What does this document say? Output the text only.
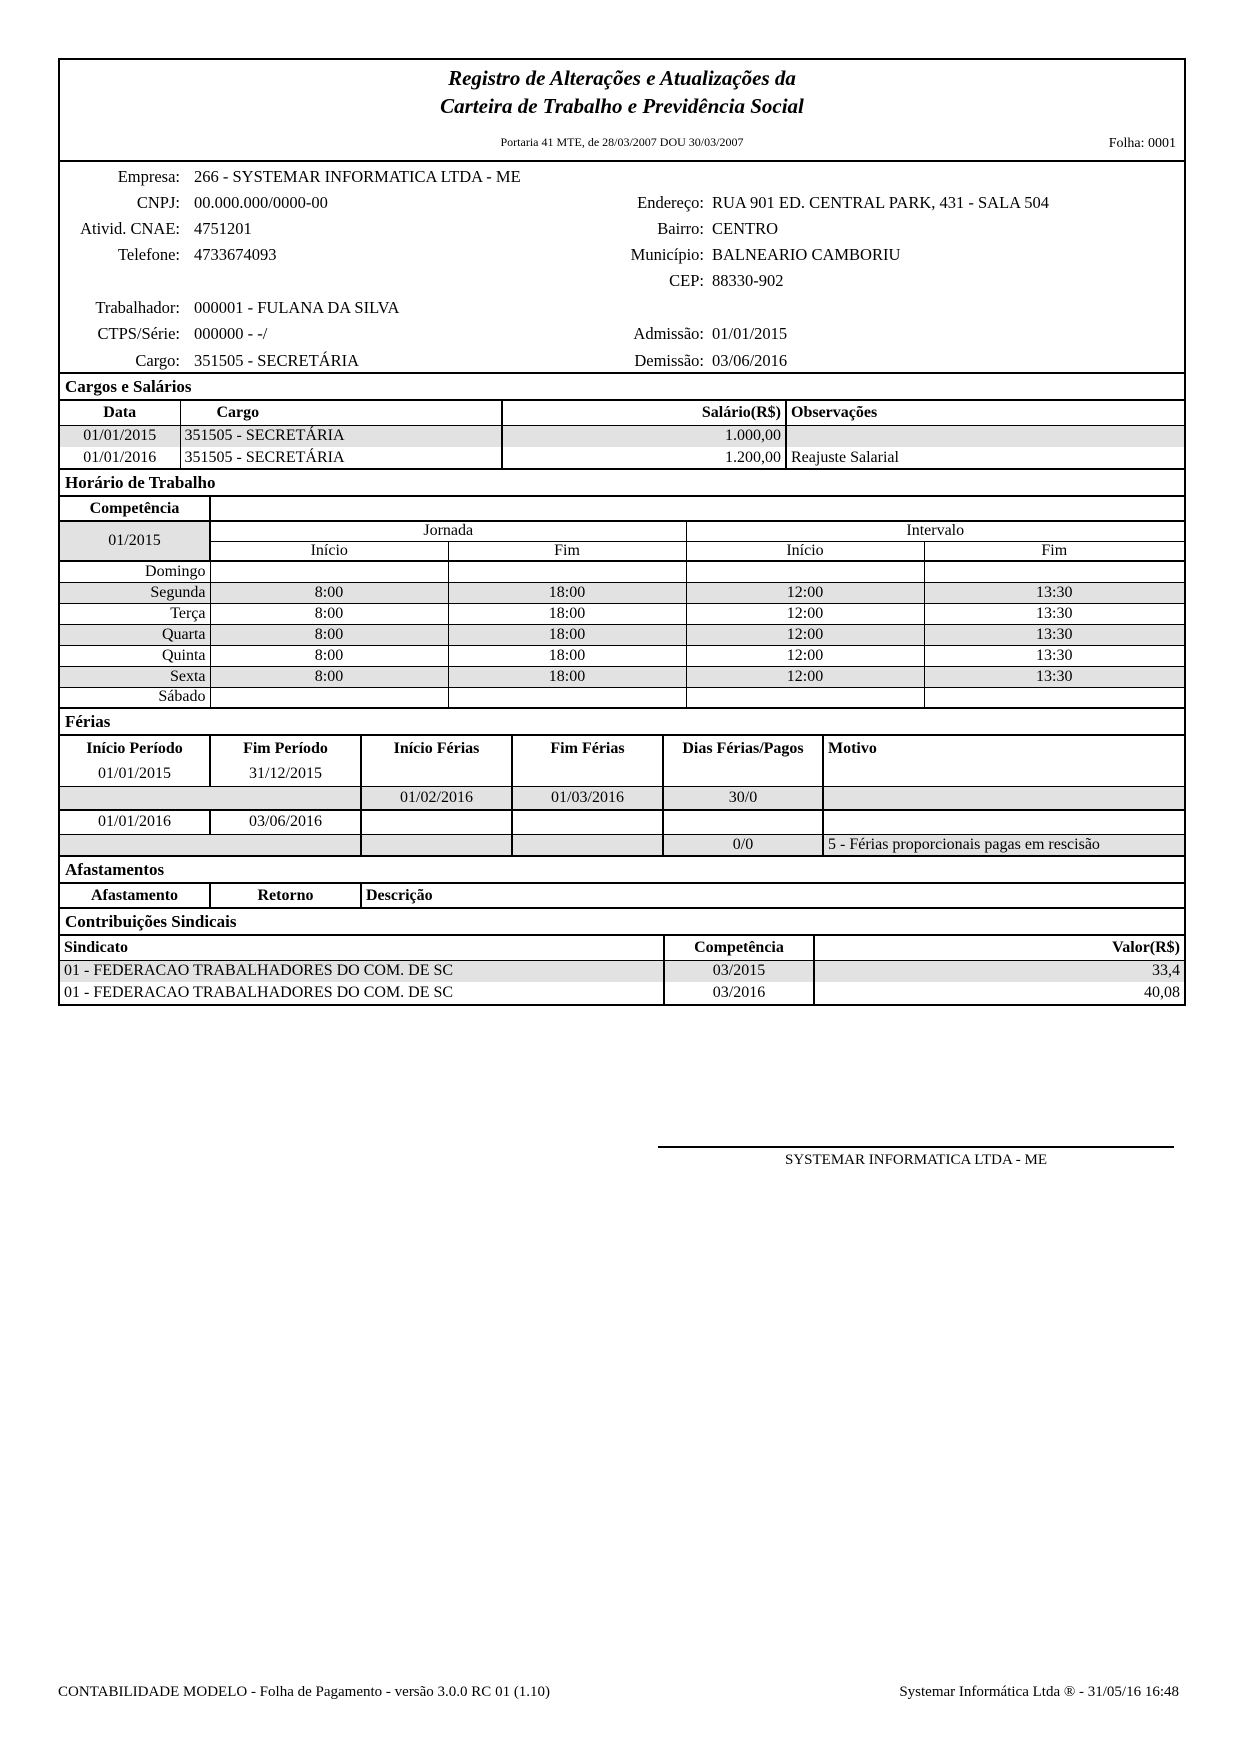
Registro de Alterações e Atualizações da
Carteira de Trabalho e Previdência Social
Portaria 41 MTE, de 28/03/2007 DOU 30/03/2007	Folha: 0001
Empresa: 266 - SYSTEMAR INFORMATICA LTDA - ME
CNPJ: 00.000.000/0000-00
Ativid. CNAE: 4751201
Telefone: 4733674093
Endereço: RUA 901 ED. CENTRAL PARK, 431 - SALA 504
Bairro: CENTRO
Município: BALNEARIO CAMBORIU
CEP: 88330-902
Trabalhador: 000001 - FULANA DA SILVA
CTPS/Série: 000000 - -/
Cargo: 351505 - SECRETÁRIA
Admissão: 01/01/2015
Demissão: 03/06/2016
Cargos e Salários
Data	Cargo	Salário(R$)	Observações
01/01/2015	351505 - SECRETÁRIA	1.000,00	
01/01/2016	351505 - SECRETÁRIA	1.200,00	Reajuste Salarial
Horário de Trabalho
Competência				
01/2015	Jornada		Intervalo	
	Início	Fim	Início	Fim
Domingo				
Segunda	8:00	18:00	12:00	13:30
Terça	8:00	18:00	12:00	13:30
Quarta	8:00	18:00	12:00	13:30
Quinta	8:00	18:00	12:00	13:30
Sexta	8:00	18:00	12:00	13:30
Sábado				
Férias
Início Período	Fim Período	Início Férias	Fim Férias	Dias Férias/Pagos	Motivo
01/01/2015	31/12/2015				
		01/02/2016	01/03/2016	30/0	
01/01/2016	03/06/2016				
				0/0	5 - Férias proporcionais pagas em rescisão
Afastamentos
Afastamento	Retorno	Descrição
Contribuições Sindicais
Sindicato	Competência	Valor(R$)
01 - FEDERACAO TRABALHADORES DO COM. DE SC	03/2015	33,4
01 - FEDERACAO TRABALHADORES DO COM. DE SC	03/2016	40,08
SYSTEMAR INFORMATICA LTDA - ME
CONTABILIDADE MODELO - Folha de Pagamento - versão 3.0.0 RC 01 (1.10)	Systemar Informática Ltda ® - 31/05/16 16:48
